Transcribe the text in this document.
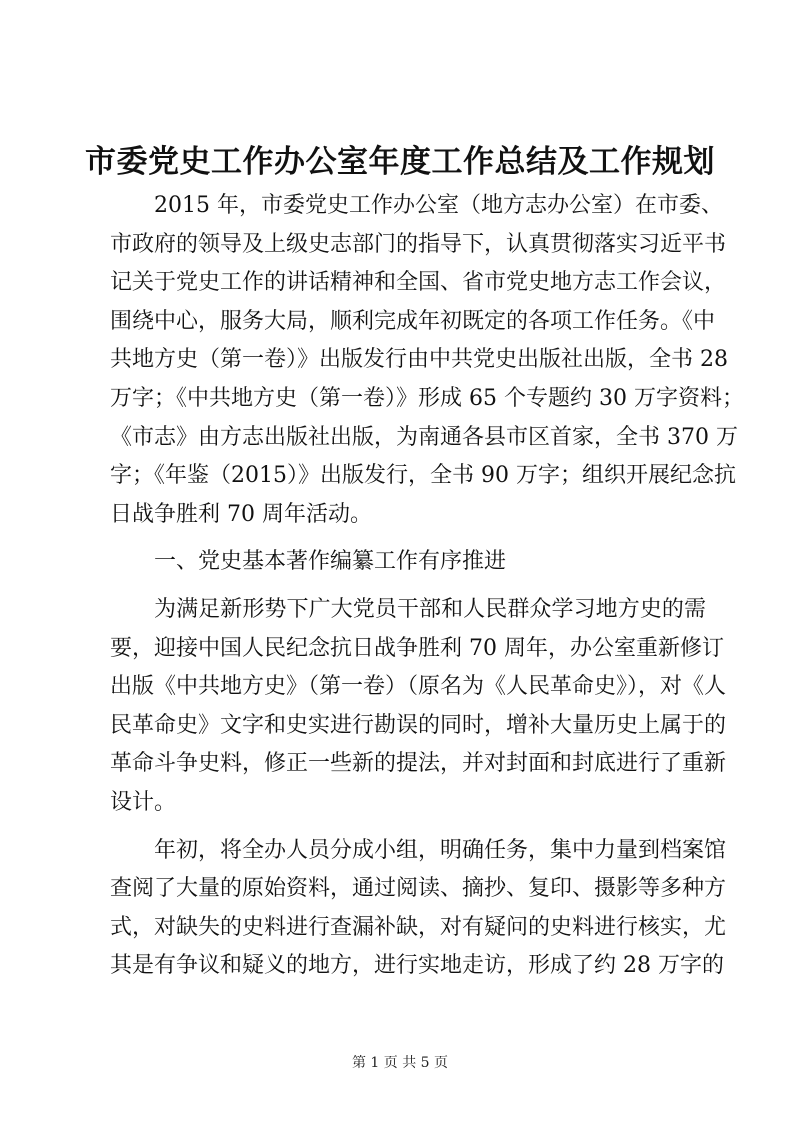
市委党史工作办公室年度工作总结及工作规划
2015 年，市委党史工作办公室（地方志办公室）在市委、
市政府的领导及上级史志部门的指导下，认真贯彻落实习近平书
记关于党史工作的讲话精神和全国、省市党史地方志工作会议，
围绕中心，服务大局，顺利完成年初既定的各项工作任务。《中
共地方史（第一卷）》出版发行由中共党史出版社出版，全书 28
万字；《中共地方史（第一卷）》形成 65 个专题约 30 万字资料；
《市志》由方志出版社出版，为南通各县市区首家，全书 370 万
字；《年鉴（2015）》出版发行，全书 90 万字；组织开展纪念抗
日战争胜利 70 周年活动。
一、党史基本著作编纂工作有序推进
为满足新形势下广大党员干部和人民群众学习地方史的需
要，迎接中国人民纪念抗日战争胜利 70 周年，办公室重新修订
出版《中共地方史》（第一卷）（原名为《人民革命史》），对《人
民革命史》文字和史实进行勘误的同时，增补大量历史上属于的
革命斗争史料，修正一些新的提法，并对封面和封底进行了重新
设计。
年初，将全办人员分成小组，明确任务，集中力量到档案馆
查阅了大量的原始资料，通过阅读、摘抄、复印、摄影等多种方
式，对缺失的史料进行查漏补缺，对有疑问的史料进行核实，尤
其是有争议和疑义的地方，进行实地走访，形成了约 28 万字的
第 1 页 共 5 页
